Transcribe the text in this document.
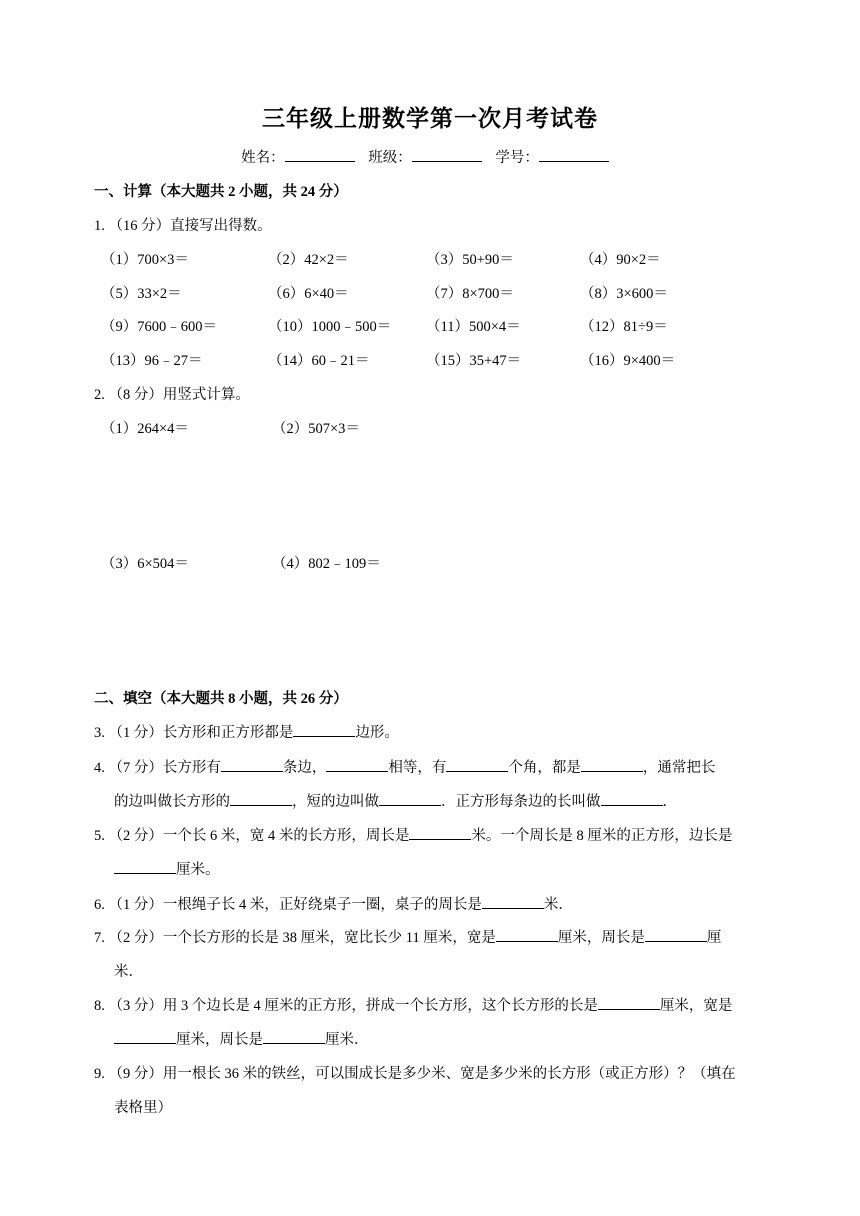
三年级上册数学第一次月考试卷
姓名：	班级：	学号：
一、计算（本大题共 2 小题，共 24 分）
1. （16 分）直接写出得数。
（1）700×3＝	（2）42×2＝	（3）50+90＝	（4）90×2＝
（5）33×2＝	（6）6×40＝	（7）8×700＝	（8）3×600＝
（9）7600﹣600＝	（10）1000﹣500＝ （11）500×4＝	（12）81÷9＝
（13）96﹣27＝	（14）60﹣21＝	（15）35+47＝	（16）9×400＝
2. （8 分）用竖式计算。
（1）264×4＝	（2）507×3＝
（3）6×504＝	（4）802﹣109＝
二、填空（本大题共 8 小题，共 26 分）
3. （1 分）长方形和正方形都是	边形。
4. （7 分）长方形有	条边，	相等，有	个角，都是	，通常把长
的边叫做长方形的	，短的边叫做	．正方形每条边的长叫做	．
5. （2 分）一个长 6 米，宽 4 米的长方形，周长是	米。一个周长是 8 厘米的正方形，边长是
厘米。
6. （1 分）一根绳子长 4 米，正好绕桌子一圈，桌子的周长是	米．
7. （2 分）一个长方形的长是 38 厘米，宽比长少 11 厘米，宽是	厘米，周长是	厘
米．
8. （3 分）用 3 个边长是 4 厘米的正方形，拼成一个长方形，这个长方形的长是	厘米，宽是
厘米，周长是	厘米．
9. （9 分）用一根长 36 米的铁丝，可以围成长是多少米、宽是多少米的长方形（或正方形）？（填在
表格里）
